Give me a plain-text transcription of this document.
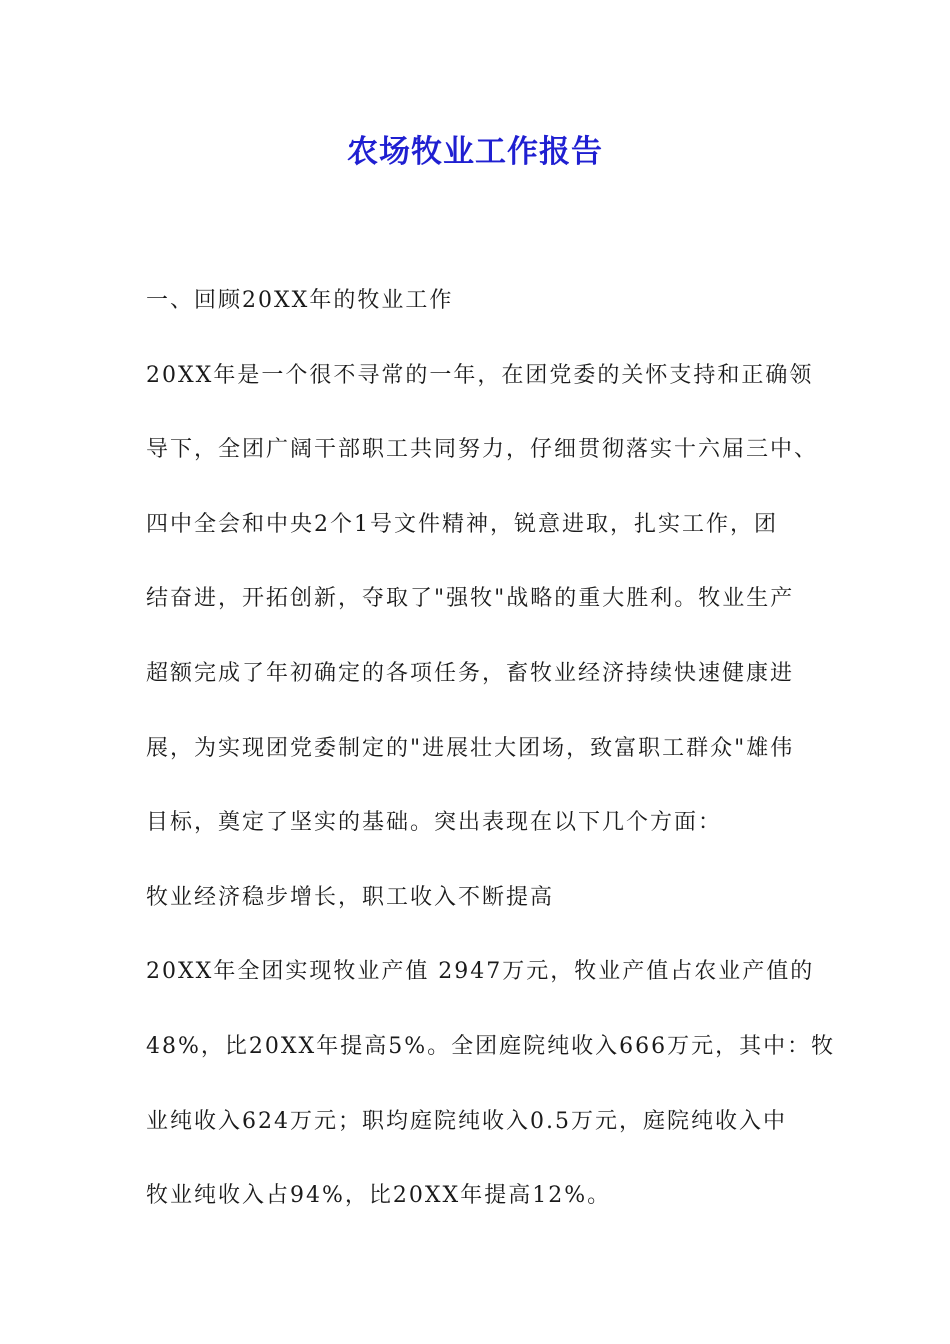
农场牧业工作报告
一、回顾20XX年的牧业工作
20XX年是一个很不寻常的一年，在团党委的关怀支持和正确领
导下，全团广阔干部职工共同努力，仔细贯彻落实十六届三中、
四中全会和中央2个1号文件精神，锐意进取，扎实工作，团
结奋进，开拓创新，夺取了"强牧"战略的重大胜利。牧业生产
超额完成了年初确定的各项任务，畜牧业经济持续快速健康进
展，为实现团党委制定的"进展壮大团场，致富职工群众"雄伟
目标，奠定了坚实的基础。突出表现在以下几个方面：
牧业经济稳步增长，职工收入不断提高
20XX年全团实现牧业产值 2947万元，牧业产值占农业产值的
48%，比20XX年提高5%。全团庭院纯收入666万元，其中：牧
业纯收入624万元；职均庭院纯收入0.5万元，庭院纯收入中
牧业纯收入占94%，比20XX年提高12%。
